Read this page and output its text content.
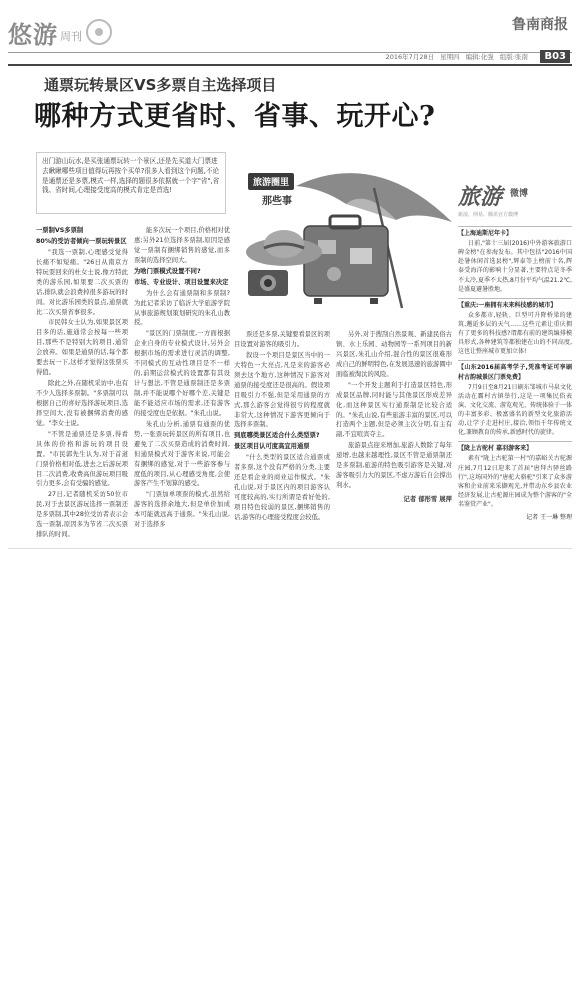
悠游 周刊
鲁南商报
2016年7月28日 星期四 编辑:化强 组版:张南	B03
通票玩转景区VS多票自主选择项目
哪种方式更省时、省事、玩开心?
出门游山玩水,是买张通票玩转一个景区,还是先买道大门票进去瞅瞅哪些项目值得玩再按个买单?很多人看到这个问题,不论是通票还是多票,模式一样,选择的题很多依据就一个字"省",省钱、省时间,心理接受度高的模式肯定是首选!
旅游圈里
那些事

一票制VS多票制

80%的受访者倾向一票玩转景区

"我选一票制,心理感受觉得长痛不如短痛。"26日从南京方特玩耍回来的杜女士说,像方特此类的游乐园,如果要二次买票的话,排队就会浪费掉很多游玩的时间。对比游乐园类的景点,通票就比二次买票省事很多。

市民韩女士认为,如果景区项目多的话,施通常会按每一些项目,那些不是特别大的项目,通常会放弃。如果是通票的话,每个都要去玩一下,这样才觉得这张票买得值。

除此之外,在随机采访中,也有不少人选择多票制。"多票制可以根据自己的喜好选择游玩项目,选择空间大,没有被捆绑消费的感觉。"李女士说。

"不管是通票还是多票,得看具体的价格和游玩的项目设置。"市民郭先生认为,对于首道门票价格相对低,进去之后游玩项目二次消费,收费高但游玩项目吸引力更多,会有受骗的感觉。

27日,记者随机采访50位市民,对于去景区游玩选择一票制还是多票制,其中28位受访者表示会选一票制,原因多为节省二次买票排队的时间。

能多次玩一个项目,价格相对优惠;另外21位选择多票制,原因是感觉一票制有捆绑销售的感觉,而多票制的选择空间大。

为啥门票模式设置不同?

市场、专业设计、项目设置来决定

为什么会有通票制和多票制?为此记者采访了临沂大学旅游学院从事旅游规划策划研究的朱孔山教授。

"景区的门票制度,一方面根据企业自身的专业模式设计,另外会根据市场的需求进行灵活的调整,不同模式的互动性项目是不一样的,前期运营模式的设置都有其设计与想法,不管是通票制还是多票制,并不能说哪个好哪个差,关键是能不能适应市场的需求,还有游客的接受度也是依据。"朱孔山说。

朱孔山分析,通票有通票的优势,一张票玩转景区的所有项目,也避免了二次买票造成的消费时间,但通票模式对于游客来说,可能会有捆绑的感觉,对于一些游客参与度低的项目,从心理感受角度,会使游客产生不划算的感受。

"门票加单项票的模式,虽然给游客的选择余地大,但是单价加成本可能就远高于通票。"朱孔山说,对于选择多

票还是多票,关键要看景区的项目设置对游客的吸引力。

叙设一个项目是景区当中的一大特色一大亮点,凡是来的游客必须去这个地方,这种情况下游客对通票的接受度还是很高的。假设项目吸引力不强,但是采用通票的方式,那么游客会觉得很亏的程度就非常大,这种情况下游客更倾向于选择多票制。

到底哪类景区适合什么类型票?

景区项目认可度高宜用通票

"什么类型的景区适合通票或者多票,这个没有严格的分类,主要还是看企业的商业运作模式。"朱孔山说,对于景区内的项目游客认可度较高的,实行所谓是看好处的,项目特色较弱的景区,捆绑销售的话,游客的心理接受程度会较低。

另外,对于搜刮自然景观、新建民俗古镇、水上乐园、动物园等一系列项目的新兴景区,朱孔山介绍,混合性的景区很难形成自己的鲜明特色,在发展迅速的旅游圈中面临被淘汰的风险。

"一个开发主题利于打造景区特色,形成景区品牌,同时能与其他景区形成差异化,而这种景区实行通票制是比较合适的。"朱孔山说,有些旅游丰富的景区,可以打造两个主题,但是必须主次分明,有主有副,不宜喧宾夺主。

旅游景点迎来增加,旅游人数除了每年递增,也越来越理性,景区不管是通票制还是多票制,旅游的特色吸引游客是关键,对游客吸引力大的景区,不虑万游后自会撑出利水。

记者 郁彤雪 展萍
旅游 微博
新浪、网易、腾讯官方微博
【上海迪斯尼年卡】

日前,"第十三届(2016)中外游客旅游口碑金榜"在参海发布。其中包括"2016中国赴暑休闲首选县榜",辉泰等上榜前十名,辉泰受海洋的影响十分显著,主要特点是冬季不太冷,夏季不太热,8月份平均气温21.2℃,是盛夏避暑胜地。

【重庆:一座拥有未来科技感的城市】

众多都市,轻轨、巨型可升降桥梁的建筑,邂逅多层的天气……这些元素让重庆拥有了更多的科技感?谓都有前的建筑编排模具形式,各种建筑等都独建在山的不同高度,这也让整座城市更加立体!

【山东2016届高考学子,凭准考证可享刷村古韵城景区门票免费】

7月9日至8月21日刷东邹城市马泉文化活动在霸村古镇举行,这是一项集民俗表演、文化交流、游览观光、传统体验于一体的丰富多彩、极富盛名的新型文化旅游活动,让学子走进村庄,接洽,领悟千年传统文化,兼顾教育的传承,新感时代的旋律。

【陇上古驼村 嘉羽游客来】

素有"陇上古驼第一村"的嘉峪关古驼源庄园,7月12日迎来了首届"唐拜古驿丝路行",这场国外的"唐驼大骆驼"引来了众多游客和企业前来采撷观光,并带动东乡县农业经济发展,让古驼源庄园成为整个游客的"全名鉴赏产业"。

记者 王一琳 整理
